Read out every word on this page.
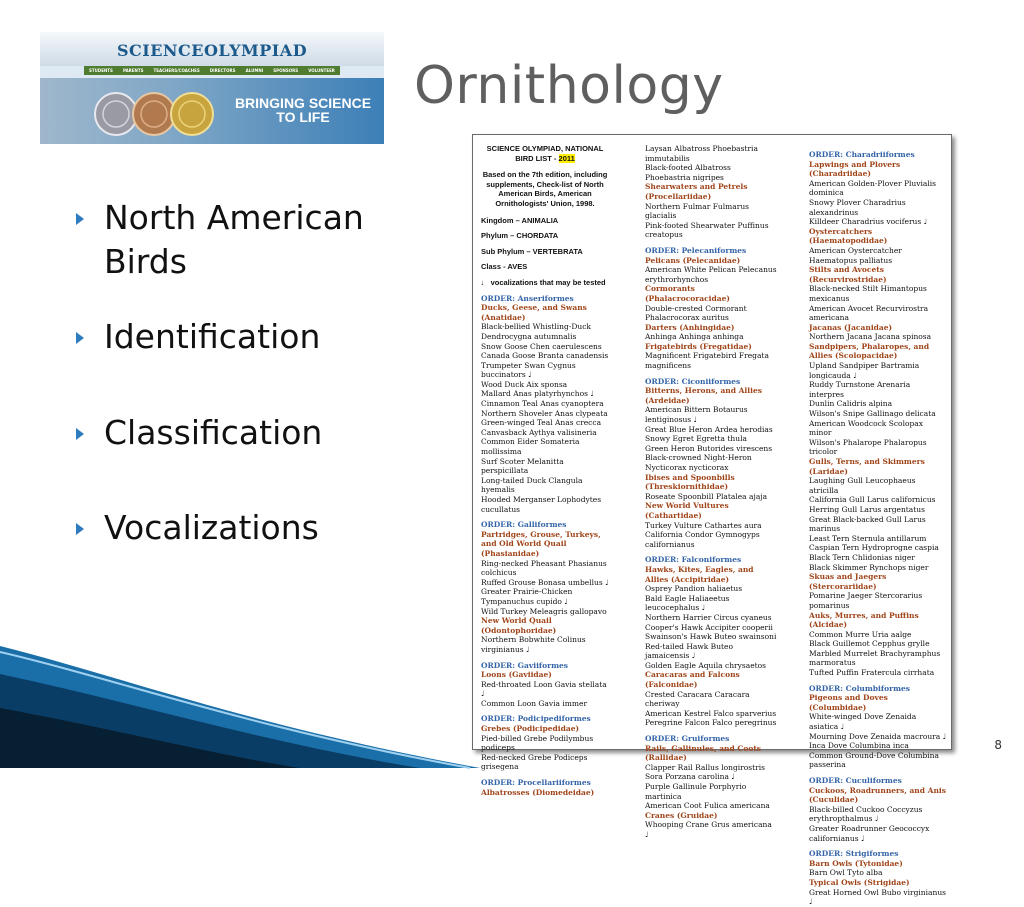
SCIENCEOLYMPIAD
STUDENTS	PARENTS	TEACHERS/COACHES	DIRECTORS	ALUMNI	SPONSORS	VOLUNTEER
BRINGING SCIENCE TO LIFE
Ornithology
North American Birds
Identification
Classification
Vocalizations

SCIENCE OLYMPIAD, NATIONAL

BIRD LIST - 2011

Based on the 7th edition, including supplements, Check-list of North American Birds, American Ornithologists' Union, 1998.

Kingdom – ANIMALIA

Phylum – CHORDATA

Sub Phylum – VERTEBRATA

Class - AVES

♩ vocalizations that may be tested

ORDER: Anseriformes

Ducks, Geese, and Swans (Anatidae)

Black-bellied Whistling-Duck Dendrocygna autumnalis

Snow Goose Chen caerulescens

Canada Goose Branta canadensis

Trumpeter Swan Cygnus buccinators ♩

Wood Duck Aix sponsa

Mallard Anas platyrhynchos ♩

Cinnamon Teal Anas cyanoptera

Northern Shoveler Anas clypeata

Green-winged Teal Anas crecca

Canvasback Aythya valisineria

Common Eider Somateria mollissima

Surf Scoter Melanitta perspicillata

Long-tailed Duck Clangula hyemalis

Hooded Merganser Lophodytes cucullatus

ORDER: Galliformes

Partridges, Grouse, Turkeys, and Old World Quail (Phasianidae)

Ring-necked Pheasant Phasianus colchicus

Ruffed Grouse Bonasa umbellus ♩

Greater Prairie-Chicken Tympanuchus cupido ♩

Wild Turkey Meleagris gallopavo

New World Quail (Odontophoridae)

Northern Bobwhite Colinus virginianus ♩

ORDER: Gaviiformes

Loons (Gaviidae)

Red-throated Loon Gavia stellata ♩

Common Loon Gavia immer

ORDER: Podicipediformes

Grebes (Podicipedidae)

Pied-billed Grebe Podilymbus podiceps

Red-necked Grebe Podiceps grisegena

ORDER: Procellariiformes

Albatrosses (Diomedeidae)

Laysan Albatross Phoebastria immutabilis

Black-footed Albatross Phoebastria nigripes

Shearwaters and Petrels (Procellariidae)

Northern Fulmar Fulmarus glacialis

Pink-footed Shearwater Puffinus creatopus

ORDER: Pelecaniformes

Pelicans (Pelecanidae)

American White Pelican Pelecanus erythrorhynchos

Cormorants (Phalacrocoracidae)

Double-crested Cormorant Phalacrocorax auritus

Darters (Anhingidae)

Anhinga Anhinga anhinga

Frigatebirds (Fregatidae)

Magnificent Frigatebird Fregata magnificens

ORDER: Ciconiiformes

Bitterns, Herons, and Allies (Ardeidae)

American Bittern Botaurus lentiginosus ♩

Great Blue Heron Ardea herodias

Snowy Egret Egretta thula

Green Heron Butorides virescens

Black-crowned Night-Heron Nycticorax nycticorax

Ibises and Spoonbills (Threskiornithidae)

Roseate Spoonbill Platalea ajaja

New World Vultures (Cathartidae)

Turkey Vulture Cathartes aura

California Condor Gymnogyps californianus

ORDER: Falconiformes

Hawks, Kites, Eagles, and Allies (Accipitridae)

Osprey Pandion haliaetus

Bald Eagle Haliaeetus leucocephalus ♩

Northern Harrier Circus cyaneus

Cooper's Hawk Accipiter cooperii

Swainson's Hawk Buteo swainsoni

Red-tailed Hawk Buteo jamaicensis ♩

Golden Eagle Aquila chrysaetos

Caracaras and Falcons (Falconidae)

Crested Caracara Caracara cheriway

American Kestrel Falco sparverius

Peregrine Falcon Falco peregrinus

ORDER: Gruiformes

Rails, Gallinules, and Coots (Rallidae)

Clapper Rail Rallus longirostris

Sora Porzana carolina ♩

Purple Gallinule Porphyrio martinica

American Coot Fulica americana

Cranes (Gruidae)

Whooping Crane Grus americana ♩

ORDER: Charadriiformes

Lapwings and Plovers (Charadriidae)

American Golden-Plover Pluvialis dominica

Snowy Plover Charadrius alexandrinus

Killdeer Charadrius vociferus ♩

Oystercatchers (Haematopodidae)

American Oystercatcher Haematopus palliatus

Stilts and Avocets (Recurvirostridae)

Black-necked Stilt Himantopus mexicanus

American Avocet Recurvirostra americana

Jacanas (Jacanidae)

Northern Jacana Jacana spinosa

Sandpipers, Phalaropes, and Allies (Scolopacidae)

Upland Sandpiper Bartramia longicauda ♩

Ruddy Turnstone Arenaria interpres

Dunlin Calidris alpina

Wilson's Snipe Gallinago delicata

American Woodcock Scolopax minor

Wilson's Phalarope Phalaropus tricolor

Gulls, Terns, and Skimmers (Laridae)

Laughing Gull Leucophaeus atricilla

California Gull Larus californicus

Herring Gull Larus argentatus

Great Black-backed Gull Larus marinus

Least Tern Sternula antillarum

Caspian Tern Hydroprogne caspia

Black Tern Chlidonias niger

Black Skimmer Rynchops niger

Skuas and Jaegers (Stercorariidae)

Pomarine Jaeger Stercorarius pomarinus

Auks, Murres, and Puffins (Alcidae)

Common Murre Uria aalge

Black Guillemot Cepphus grylle

Marbled Murrelet Brachyramphus marmoratus

Tufted Puffin Fratercula cirrhata

ORDER: Columbiformes

Pigeons and Doves (Columbidae)

White-winged Dove Zenaida asiatica ♩

Mourning Dove Zenaida macroura ♩

Inca Dove Columbina inca

Common Ground-Dove Columbina passerina

ORDER: Cuculiformes

Cuckoos, Roadrunners, and Anis (Cuculidae)

Black-billed Cuckoo Coccyzus erythropthalmus ♩

Greater Roadrunner Geococcyx californianus ♩

ORDER: Strigiformes

Barn Owls (Tytonidae)

Barn Owl Tyto alba

Typical Owls (Strigidae)

Great Horned Owl Bubo virginianus ♩

8
